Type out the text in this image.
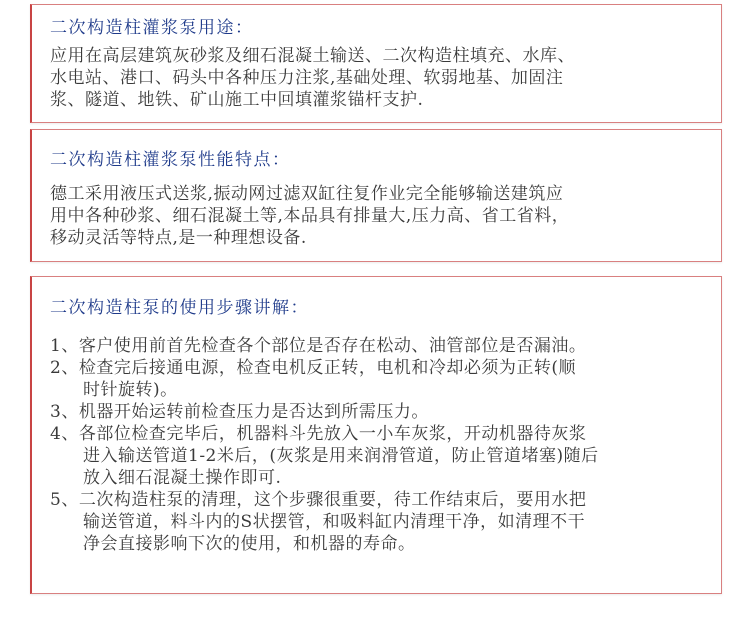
二次构造柱灌浆泵用途：
应用在高层建筑灰砂浆及细石混凝土输送、二次构造柱填充、水库、
水电站、港口、码头中各种压力注浆,基础处理、软弱地基、加固注
浆、隧道、地铁、矿山施工中回填灌浆锚杆支护.
二次构造柱灌浆泵性能特点：
德工采用液压式送浆,振动网过滤双缸往复作业完全能够输送建筑应
用中各种砂浆、细石混凝土等,本品具有排量大,压力高、省工省料，
移动灵活等特点,是一种理想设备.
二次构造柱泵的使用步骤讲解：
1、客户使用前首先检查各个部位是否存在松动、油管部位是否漏油。
2、检查完后接通电源，检查电机反正转，电机和冷却必须为正转(顺
时针旋转)。
3、机器开始运转前检查压力是否达到所需压力。
4、各部位检查完毕后，机器料斗先放入一小车灰浆，开动机器待灰浆
进入输送管道1-2米后，(灰浆是用来润滑管道，防止管道堵塞)随后
放入细石混凝土操作即可.
5、二次构造柱泵的清理，这个步骤很重要，待工作结束后，要用水把
输送管道，料斗内的S状摆管，和吸料缸内清理干净，如清理不干
净会直接影响下次的使用，和机器的寿命。
